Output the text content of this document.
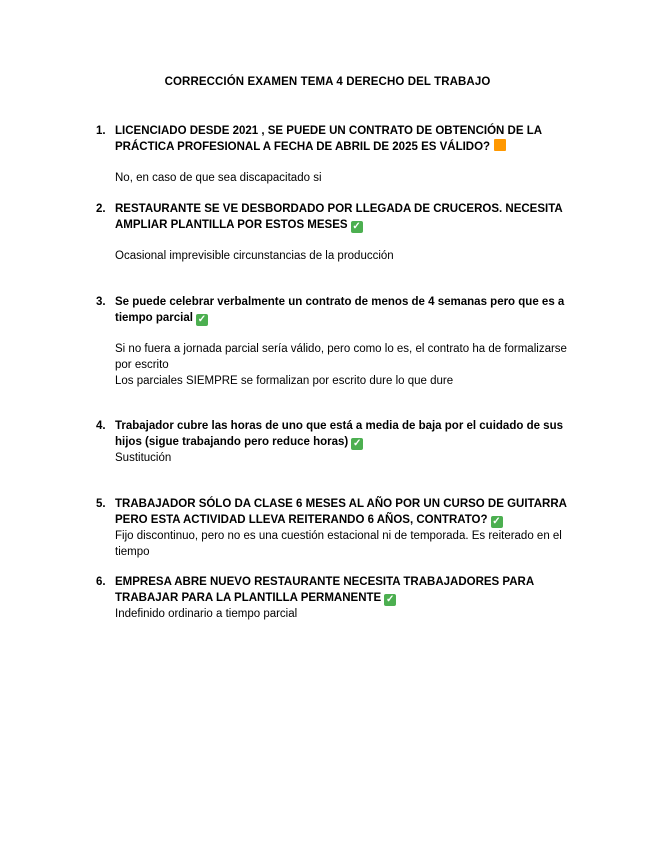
CORRECCIÓN EXAMEN TEMA 4 DERECHO DEL TRABAJO
1. LICENCIADO DESDE 2021 , SE PUEDE UN CONTRATO DE OBTENCIÓN DE LA PRÁCTICA PROFESIONAL A FECHA DE ABRIL DE 2025 ES VÁLIDO?
No, en caso de que sea discapacitado si
2. RESTAURANTE SE VE DESBORDADO POR LLEGADA DE CRUCEROS. NECESITA AMPLIAR PLANTILLA POR ESTOS MESES ✓
Ocasional imprevisible circunstancias de la producción
3. Se puede celebrar verbalmente un contrato de menos de 4 semanas pero que es a tiempo parcial ✓
Si no fuera a jornada parcial sería válido, pero como lo es, el contrato ha de formalizarse por escrito
Los parciales SIEMPRE se formalizan por escrito dure lo que dure
4. Trabajador cubre las horas de uno que está a media de baja por el cuidado de sus hijos (sigue trabajando pero reduce horas) ✓
Sustitución
5. TRABAJADOR SÓLO DA CLASE 6 MESES AL AÑO POR UN CURSO DE GUITARRA PERO ESTA ACTIVIDAD LLEVA REITERANDO 6 AÑOS, CONTRATO? ✓
Fijo discontinuo, pero no es una cuestión estacional ni de temporada. Es reiterado en el tiempo
6. EMPRESA ABRE NUEVO RESTAURANTE NECESITA TRABAJADORES PARA TRABAJAR PARA LA PLANTILLA PERMANENTE ✓
Indefinido ordinario a tiempo parcial
